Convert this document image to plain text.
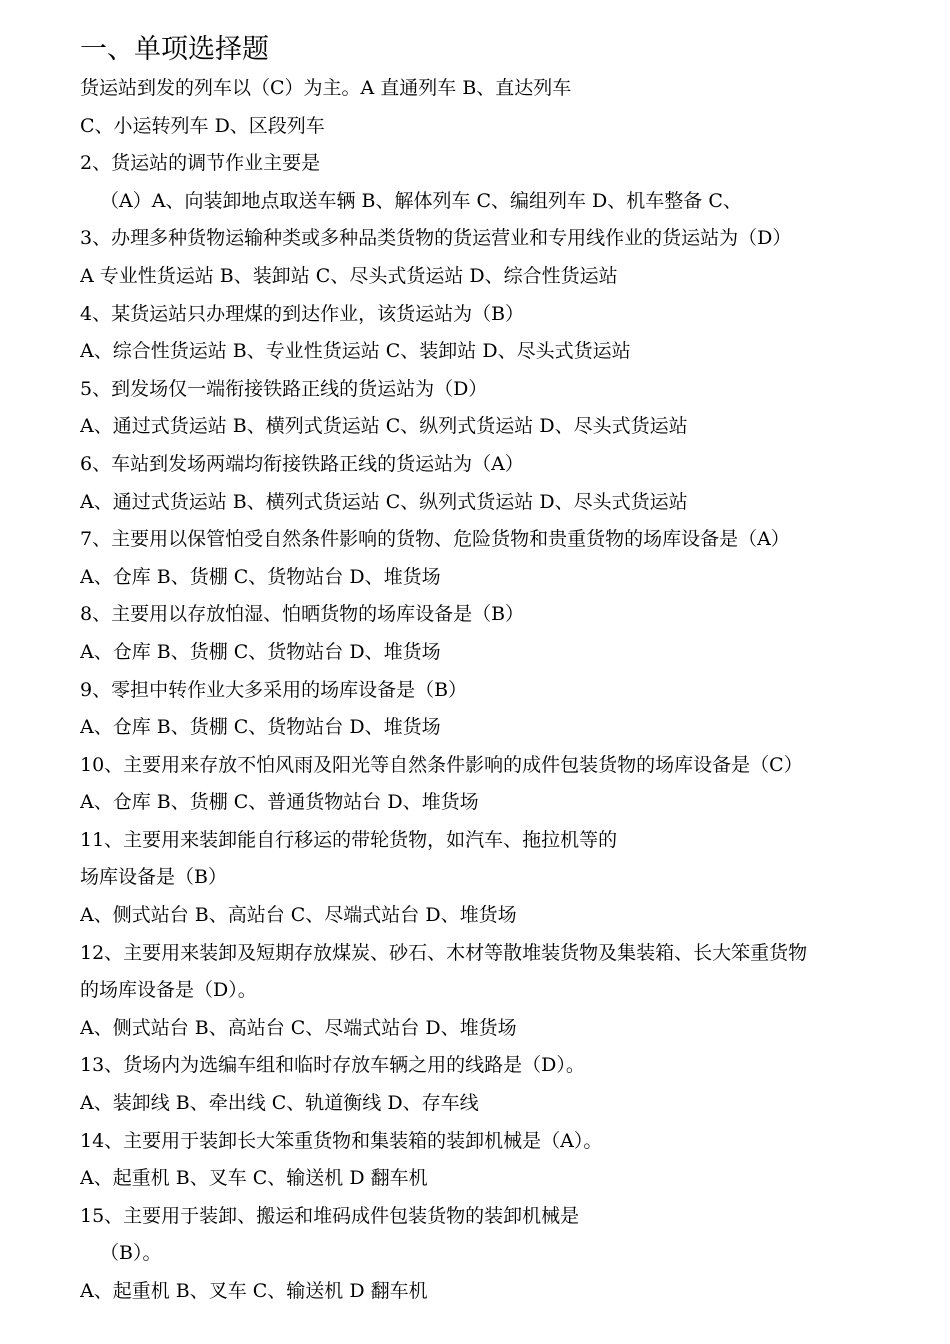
一、单项选择题
货运站到发的列车以（C）为主。A 直通列车 B、直达列车
C、小运转列车 D、区段列车
2、货运站的调节作业主要是
（A）A、向装卸地点取送车辆 B、解体列车 C、编组列车 D、机车整备 C、
3、办理多种货物运输种类或多种品类货物的货运营业和专用线作业的货运站为（D）
A 专业性货运站 B、装卸站 C、尽头式货运站 D、综合性货运站
4、某货运站只办理煤的到达作业，该货运站为（B）
A、综合性货运站 B、专业性货运站 C、装卸站 D、尽头式货运站
5、到发场仅一端衔接铁路正线的货运站为（D）
A、通过式货运站 B、横列式货运站 C、纵列式货运站 D、尽头式货运站
6、车站到发场两端均衔接铁路正线的货运站为（A）
A、通过式货运站 B、横列式货运站 C、纵列式货运站 D、尽头式货运站
7、主要用以保管怕受自然条件影响的货物、危险货物和贵重货物的场库设备是（A）
A、仓库 B、货棚 C、货物站台 D、堆货场
8、主要用以存放怕湿、怕晒货物的场库设备是（B）
A、仓库 B、货棚 C、货物站台 D、堆货场
9、零担中转作业大多采用的场库设备是（B）
A、仓库 B、货棚 C、货物站台 D、堆货场
10、主要用来存放不怕风雨及阳光等自然条件影响的成件包装货物的场库设备是（C）
A、仓库 B、货棚 C、普通货物站台 D、堆货场
11、主要用来装卸能自行移运的带轮货物，如汽车、拖拉机等的
场库设备是（B）
A、侧式站台 B、高站台 C、尽端式站台 D、堆货场
12、主要用来装卸及短期存放煤炭、砂石、木材等散堆装货物及集装箱、长大笨重货物
的场库设备是（D）。
A、侧式站台 B、高站台 C、尽端式站台 D、堆货场
13、货场内为选编车组和临时存放车辆之用的线路是（D）。
A、装卸线 B、牵出线 C、轨道衡线 D、存车线
14、主要用于装卸长大笨重货物和集装箱的装卸机械是（A）。
A、起重机 B、叉车 C、输送机 D 翻车机
15、主要用于装卸、搬运和堆码成件包装货物的装卸机械是
（B）。
A、起重机 B、叉车 C、输送机 D 翻车机
